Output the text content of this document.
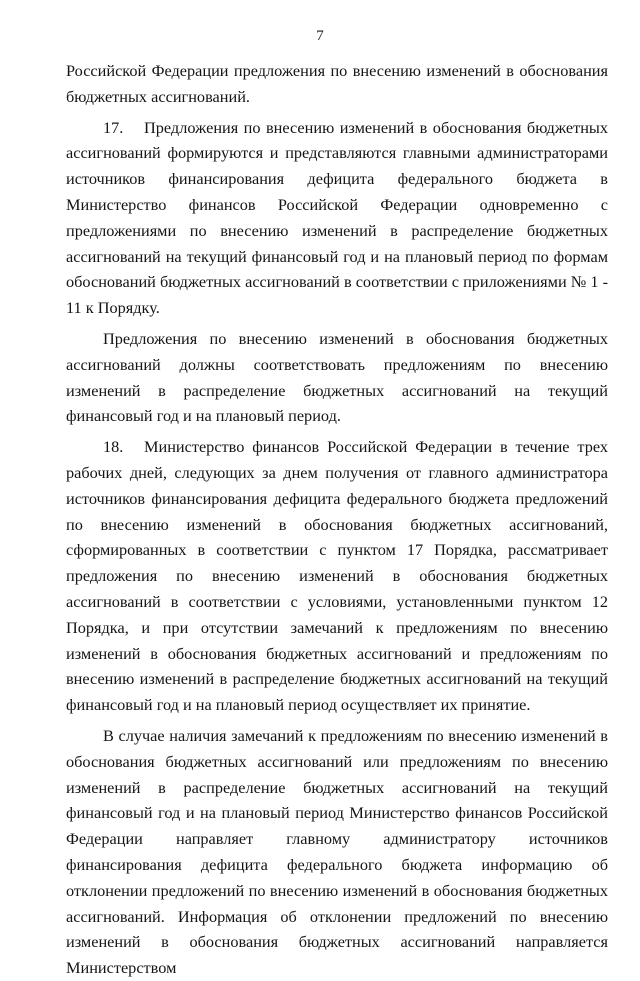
7

Российской Федерации предложения по внесению изменений в обоснования бюджетных ассигнований.

17. Предложения по внесению изменений в обоснования бюджетных ассигнований формируются и представляются главными администраторами источников финансирования дефицита федерального бюджета в Министерство финансов Российской Федерации одновременно с предложениями по внесению изменений в распределение бюджетных ассигнований на текущий финансовый год и на плановый период по формам обоснований бюджетных ассигнований в соответствии с приложениями № 1 - 11 к Порядку.

Предложения по внесению изменений в обоснования бюджетных ассигнований должны соответствовать предложениям по внесению изменений в распределение бюджетных ассигнований на текущий финансовый год и на плановый период.

18. Министерство финансов Российской Федерации в течение трех рабочих дней, следующих за днем получения от главного администратора источников финансирования дефицита федерального бюджета предложений по внесению изменений в обоснования бюджетных ассигнований, сформированных в соответствии с пунктом 17 Порядка, рассматривает предложения по внесению изменений в обоснования бюджетных ассигнований в соответствии с условиями, установленными пунктом 12 Порядка, и при отсутствии замечаний к предложениям по внесению изменений в обоснования бюджетных ассигнований и предложениям по внесению изменений в распределение бюджетных ассигнований на текущий финансовый год и на плановый период осуществляет их принятие.

В случае наличия замечаний к предложениям по внесению изменений в обоснования бюджетных ассигнований или предложениям по внесению изменений в распределение бюджетных ассигнований на текущий финансовый год и на плановый период Министерство финансов Российской Федерации направляет главному администратору источников финансирования дефицита федерального бюджета информацию об отклонении предложений по внесению изменений в обоснования бюджетных ассигнований. Информация об отклонении предложений по внесению изменений в обоснования бюджетных ассигнований направляется Министерством
